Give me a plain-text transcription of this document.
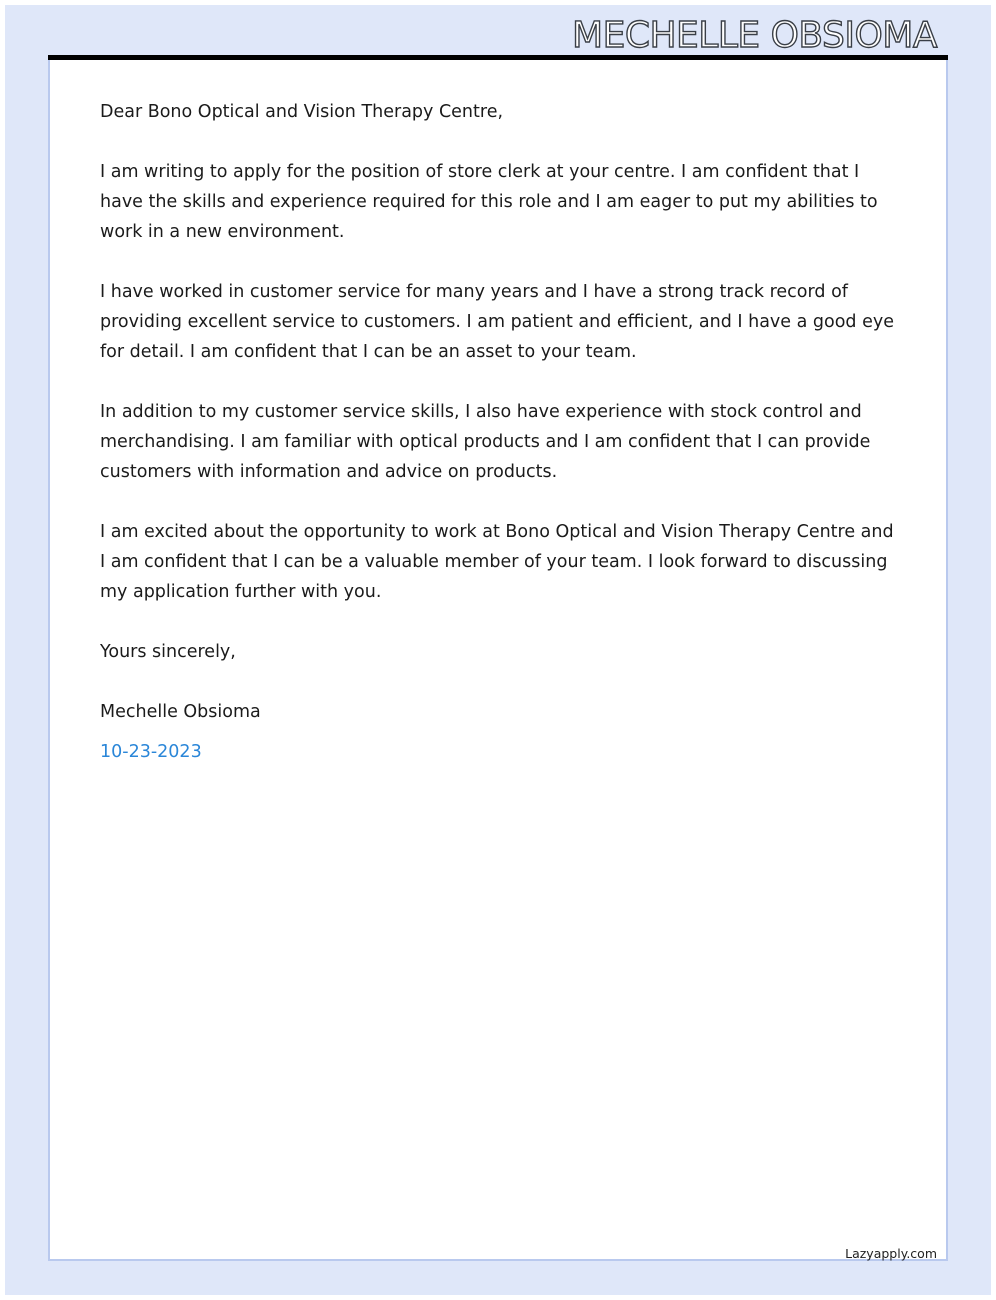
MECHELLE OBSIOMA

Dear Bono Optical and Vision Therapy Centre,

I am writing to apply for the position of store clerk at your centre. I am confident that I have the skills and experience required for this role and I am eager to put my abilities to work in a new environment.

I have worked in customer service for many years and I have a strong track record of providing excellent service to customers. I am patient and efficient, and I have a good eye for detail. I am confident that I can be an asset to your team.

In addition to my customer service skills, I also have experience with stock control and merchandising. I am familiar with optical products and I am confident that I can provide customers with information and advice on products.

I am excited about the opportunity to work at Bono Optical and Vision Therapy Centre and I am confident that I can be a valuable member of your team. I look forward to discussing my application further with you.

Yours sincerely,

Mechelle Obsioma

10-23-2023

Lazyapply.com
